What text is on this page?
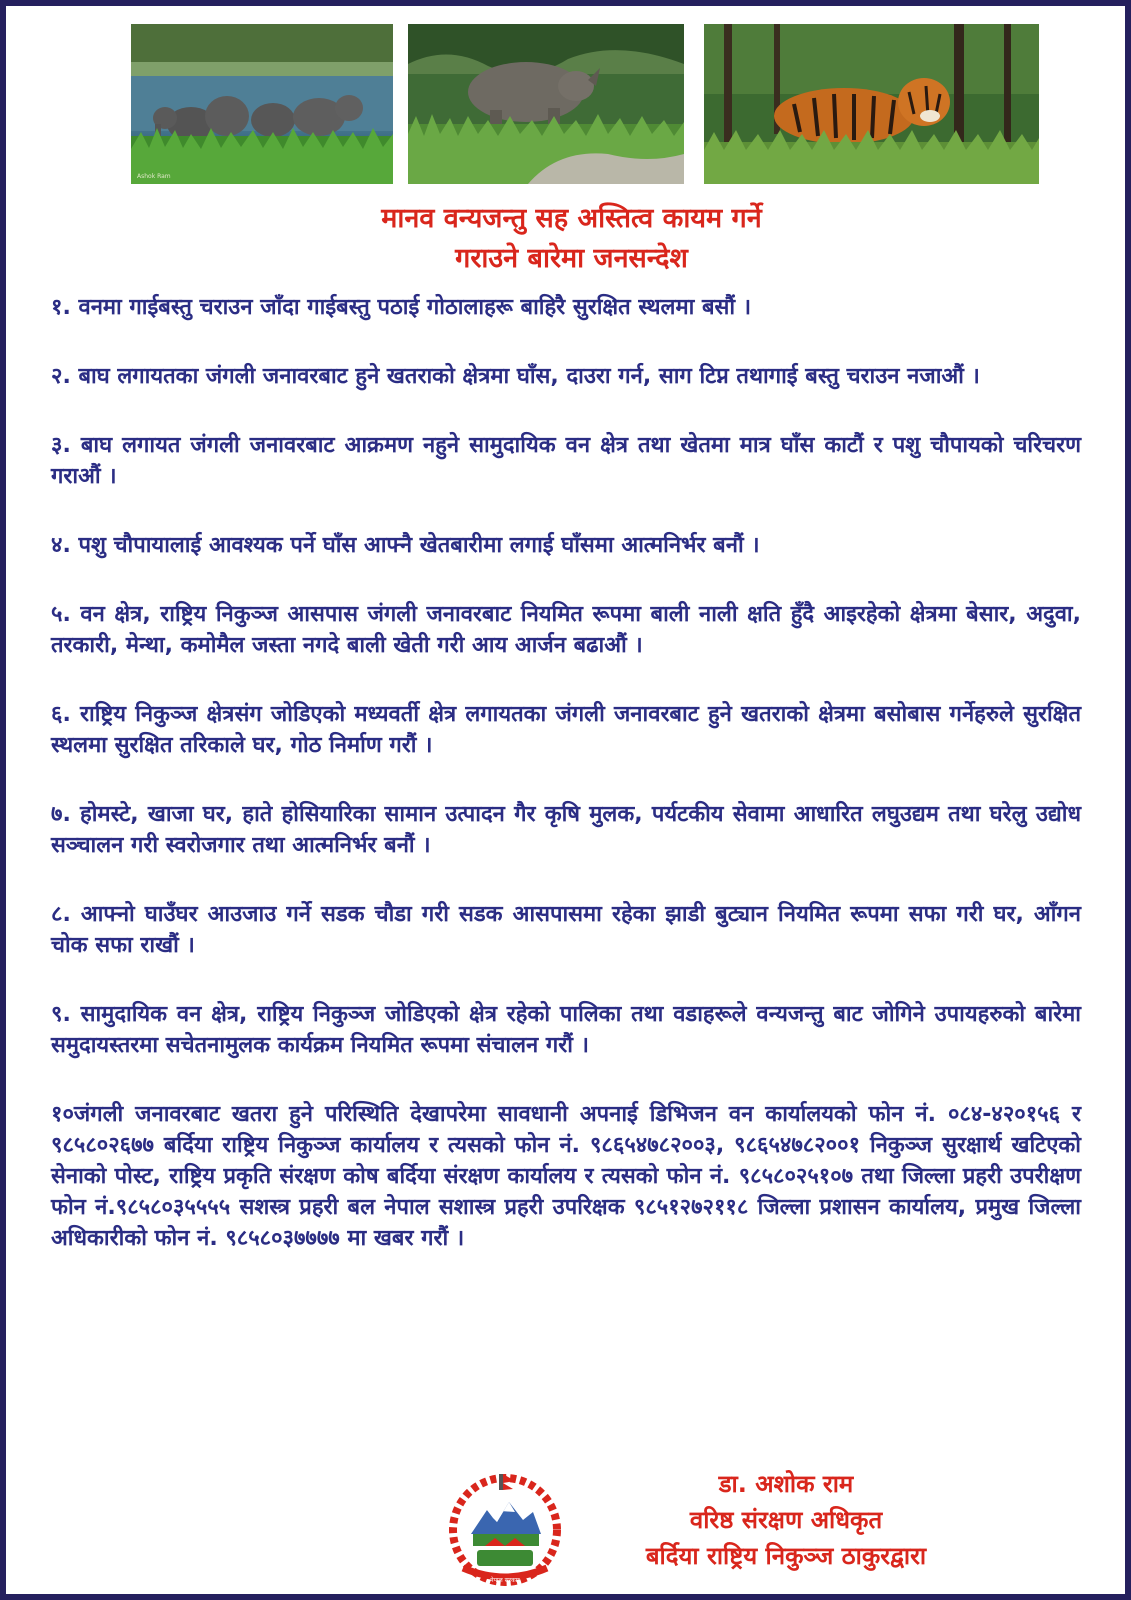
Ashok Ram
मानव वन्यजन्तु सह अस्तित्व कायम गर्ने
गराउने बारेमा जनसन्देश

१. वनमा गाईबस्तु चराउन जाँदा गाईबस्तु पठाई गोठालाहरू बाहिरै सुरक्षित स्थलमा बसौं ।

२. बाघ लगायतका जंगली जनावरबाट हुने खतराको क्षेत्रमा घाँस, दाउरा गर्न, साग टिप्न तथागाई बस्तु चराउन नजाऔं ।

३. बाघ लगायत जंगली जनावरबाट आक्रमण नहुने सामुदायिक वन क्षेत्र तथा खेतमा मात्र घाँस काटौं र पशु चौपायको चरिचरण गराऔं ।

४. पशु चौपायालाई आवश्यक पर्ने घाँस आफ्नै खेतबारीमा लगाई घाँसमा आत्मनिर्भर बनौं ।

५. वन क्षेत्र, राष्ट्रिय निकुञ्ज आसपास जंगली जनावरबाट नियमित रूपमा बाली नाली क्षति हुँदै आइरहेको क्षेत्रमा बेसार, अदुवा, तरकारी, मेन्था, कमोमैल जस्ता नगदे बाली खेती गरी आय आर्जन बढाऔं ।

६. राष्ट्रिय निकुञ्ज क्षेत्रसंग जोडिएको मध्यवर्ती क्षेत्र लगायतका जंगली जनावरबाट हुने खतराको क्षेत्रमा बसोबास गर्नेहरुले सुरक्षित स्थलमा सुरक्षित तरिकाले घर, गोठ निर्माण गरौं ।

७. होमस्टे, खाजा घर, हाते होसियारिका सामान उत्पादन गैर कृषि मुलक, पर्यटकीय सेवामा आधारित लघुउद्यम तथा घरेलु उद्योध सञ्चालन गरी स्वरोजगार तथा आत्मनिर्भर बनौं ।

८. आफ्नो घाउँघर आउजाउ गर्ने सडक चौडा गरी सडक आसपासमा रहेका झाडी बुट्यान नियमित रूपमा सफा गरी घर, आँगन चोक सफा राखौं ।

९. सामुदायिक वन क्षेत्र, राष्ट्रिय निकुञ्ज जोडिएको क्षेत्र रहेको पालिका तथा वडाहरूले वन्यजन्तु बाट जोगिने उपायहरुको बारेमा समुदायस्तरमा सचेतनामुलक कार्यक्रम नियमित रूपमा संचालन गरौं ।

१०जंगली जनावरबाट खतरा हुने परिस्थिति देखापरेमा सावधानी अपनाई डिभिजन वन कार्यालयको फोन नं. ०८४-४२०१५६ र ९८५८०२६७७ बर्दिया राष्ट्रिय निकुञ्ज कार्यालय र त्यसको फोन नं. ९८६५४७८२००३, ९८६५४७८२००१ निकुञ्ज सुरक्षार्थ खटिएको सेनाको पोस्ट, राष्ट्रिय प्रकृति संरक्षण कोष बर्दिया संरक्षण कार्यालय र त्यसको फोन नं. ९८५८०२५१०७ तथा जिल्ला प्रहरी उपरीक्षण फोन नं.९८५८०३५५५५ सशस्त्र प्रहरी बल नेपाल सशास्त्र प्रहरी उपरिक्षक ९८५१२७२११८ जिल्ला प्रशासन कार्यालय, प्रमुख जिल्ला अधिकारीको फोन नं. ९८५८०३७७७७ मा खबर गरौं ।

नेपाल सरकार
डा. अशोक राम
वरिष्ठ संरक्षण अधिकृत
बर्दिया राष्ट्रिय निकुञ्ज ठाकुरद्वारा
